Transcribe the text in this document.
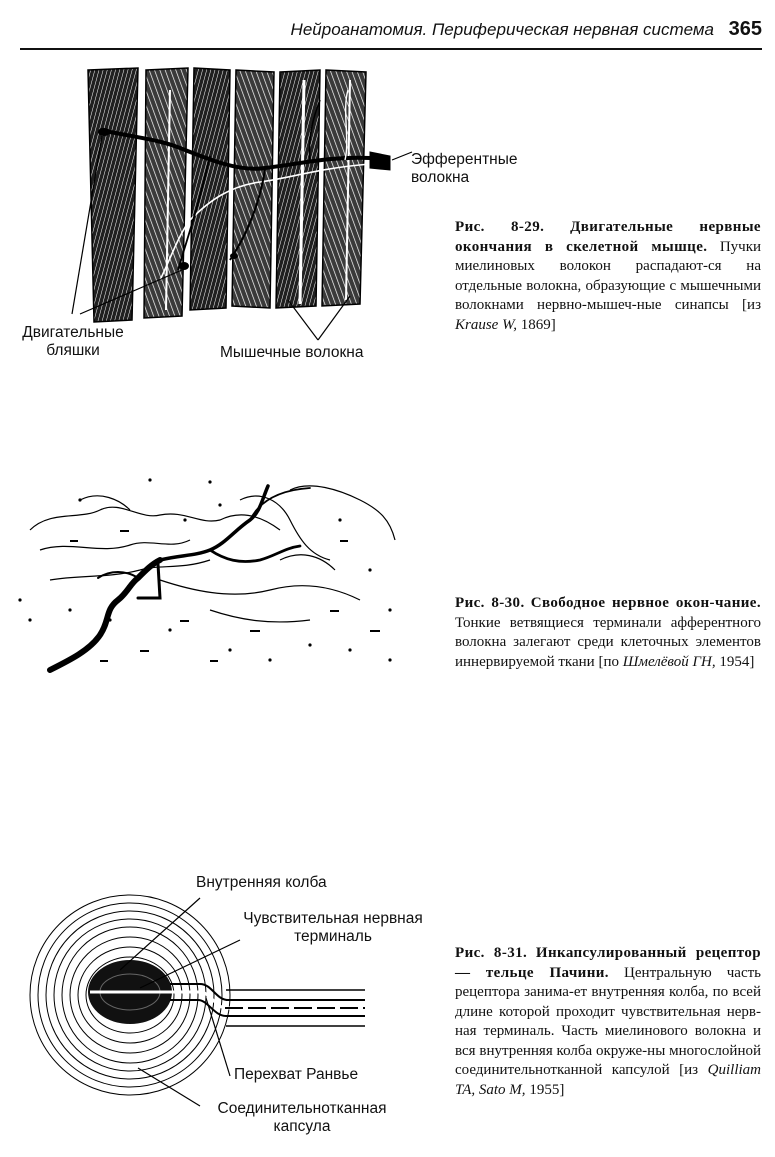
Нейроанатомия. Периферическая нервная система 365
Эфферентные
волокна
Двигательные
бляшки	Мышечные волокна
Рис. 8-29. Двигательные нервные окончания в скелетной мышце. Пучки миелиновых волокон распадают-ся на отдельные волокна, образующие с мышечными волокнами нервно-мышеч-ные синапсы [из Krause W, 1869]
Рис. 8-30. Свободное нервное окон-чание. Тонкие ветвящиеся терминали афферентного волокна залегают среди клеточных элементов иннервируемой ткани [по Шмелёвой ГН, 1954]
Внутренняя колба
Чувствительная нервная
терминаль
Перехват Ранвье
Соединительнотканная
капсула
Рис. 8-31. Инкапсулированный рецептор — тельце Пачини. Центральную часть рецептора занима-ет внутренняя колба, по всей длине которой проходит чувствительная нерв-ная терминаль. Часть миелинового волокна и вся внутренняя колба окруже-ны многослойной соединительнотканной капсулой [из Quilliam TA, Sato M, 1955]
